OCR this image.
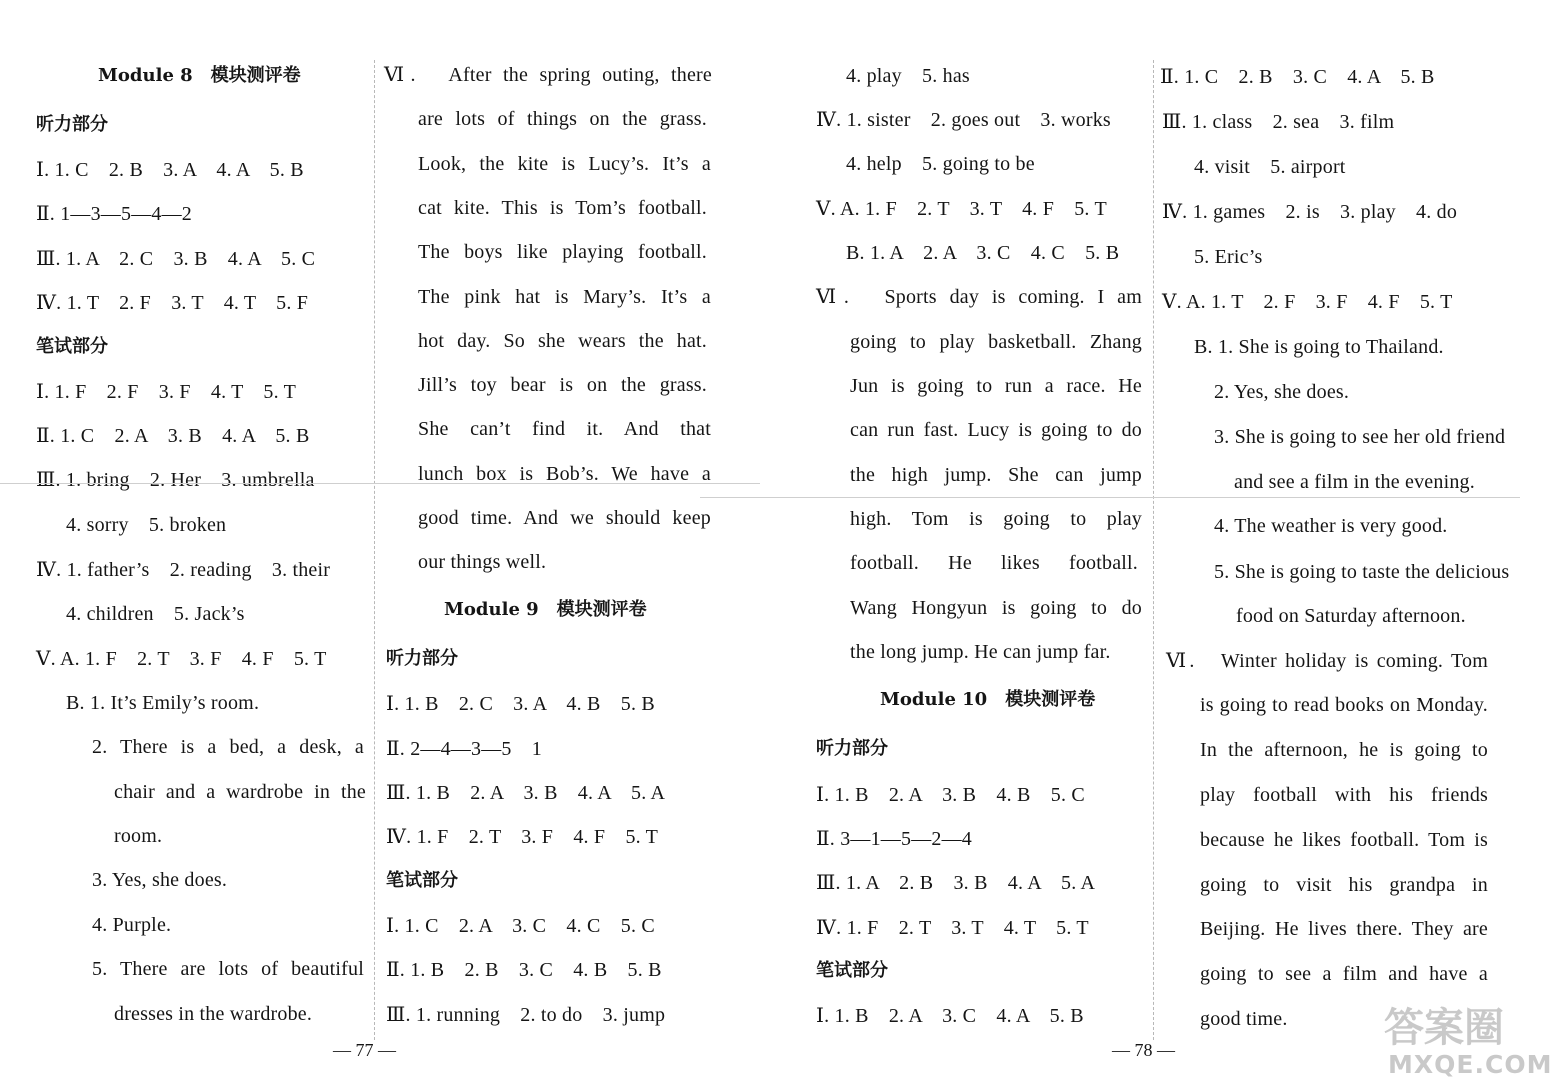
Module 8　模块测评卷
听力部分
Ⅰ. 1. C　2. B　3. A　4. A　5. B
Ⅱ. 1—3—5—4—2
Ⅲ. 1. A　2. C　3. B　4. A　5. C
Ⅳ. 1. T　2. F　3. T　4. T　5. F
笔试部分
Ⅰ. 1. F　2. F　3. F　4. T　5. T
Ⅱ. 1. C　2. A　3. B　4. A　5. B
Ⅲ. 1. bring　2. Her　3. umbrella
4. sorry　5. broken
Ⅳ. 1. father’s　2. reading　3. their
4. children　5. Jack’s
Ⅴ. A. 1. F　2. T　3. F　4. F　5. T
B. 1. It’s Emily’s room.
2. There is a bed, a desk, a
chair and a wardrobe in the
room.
3. Yes, she does.
4. Purple.
5. There are lots of beautiful
dresses in the wardrobe.
Ⅵ.　After the spring outing, there
are lots of things on the grass.
Look, the kite is Lucy’s. It’s a
cat kite. This is Tom’s football.
The boys like playing football.
The pink hat is Mary’s. It’s a
hot day. So she wears the hat.
Jill’s toy bear is on the grass.
She can’t find it. And that
lunch box is Bob’s. We have a
good time. And we should keep
our things well.
Module 9　模块测评卷
听力部分
Ⅰ. 1. B　2. C　3. A　4. B　5. B
Ⅱ. 2—4—3—5　1
Ⅲ. 1. B　2. A　3. B　4. A　5. A
Ⅳ. 1. F　2. T　3. F　4. F　5. T
笔试部分
Ⅰ. 1. C　2. A　3. C　4. C　5. C
Ⅱ. 1. B　2. B　3. C　4. B　5. B
Ⅲ. 1. running　2. to do　3. jump
4. play　5. has
Ⅳ. 1. sister　2. goes out　3. works
4. help　5. going to be
Ⅴ. A. 1. F　2. T　3. T　4. F　5. T
B. 1. A　2. A　3. C　4. C　5. B
Ⅵ.　Sports day is coming. I am
going to play basketball. Zhang
Jun is going to run a race. He
can run fast. Lucy is going to do
the high jump. She can jump
high. Tom is going to play
football. He likes football.
Wang Hongyun is going to do
the long jump. He can jump far.
Module 10　模块测评卷
听力部分
Ⅰ. 1. B　2. A　3. B　4. B　5. C
Ⅱ. 3—1—5—2—4
Ⅲ. 1. A　2. B　3. B　4. A　5. A
Ⅳ. 1. F　2. T　3. T　4. T　5. T
笔试部分
Ⅰ. 1. B　2. A　3. C　4. A　5. B
Ⅱ. 1. C　2. B　3. C　4. A　5. B
Ⅲ. 1. class　2. sea　3. film
4. visit　5. airport
Ⅳ. 1. games　2. is　3. play　4. do
5. Eric’s
Ⅴ. A. 1. T　2. F　3. F　4. F　5. T
B. 1. She is going to Thailand.
2. Yes, she does.
3. She is going to see her old friend
and see a film in the evening.
4. The weather is very good.
5. She is going to taste the delicious
food on Saturday afternoon.
Ⅵ.　Winter holiday is coming. Tom
is going to read books on Monday.
In the afternoon, he is going to
play football with his friends
because he likes football. Tom is
going to visit his grandpa in
Beijing. He lives there. They are
going to see a film and have a
good time.
— 77 —	— 78 —	答案圈
MXQE.COM
